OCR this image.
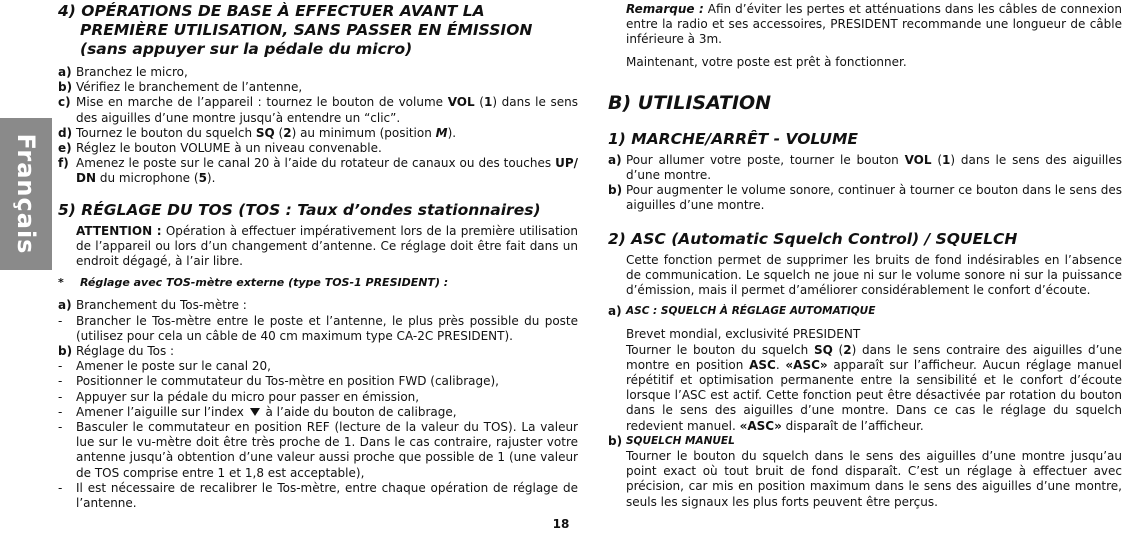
Français

4) OPÉRATIONS DE BASE À EFFECTUER AVANT LA PREMIÈRE UTILISATION, SANS PASSER EN ÉMISSION (sans appuyer sur la pédale du micro)

a) Branchez le micro,
b) Vérifiez le branchement de l’antenne,
c) Mise en marche de l’appareil : tournez le bouton de volume VOL (1) dans le sens des aiguilles d’une montre jusqu’à entendre un “clic”.
d) Tournez le bouton du squelch SQ (2) au minimum (position M).
e) Réglez le bouton VOLUME à un niveau convenable.
f) Amenez le poste sur le canal 20 à l’aide du rotateur de canaux ou des touches UP/ DN du microphone (5).

5) RÉGLAGE DU TOS (TOS : Taux d’ondes stationnaires)

ATTENTION : Opération à effectuer impérativement lors de la première utilisation de l’appareil ou lors d’un changement d’antenne. Ce réglage doit être fait dans un endroit dégagé, à l’air libre.

*	Réglage avec TOS-mètre externe (type TOS-1 PRESIDENT) :
a) Branchement du Tos-mètre :
-	Brancher le Tos-mètre entre le poste et l’antenne, le plus près possible du poste (utilisez pour cela un câble de 40 cm maximum type CA-2C PRESIDENT).
b) Réglage du Tos :
-	Amener le poste sur le canal 20,
-	Positionner le commutateur du Tos-mètre en position FWD (calibrage),
-	Appuyer sur la pédale du micro pour passer en émission,
-	Amener l’aiguille sur l’index  à l’aide du bouton de calibrage,
-	Basculer le commutateur en position REF (lecture de la valeur du TOS). La valeur lue sur le vu-mètre doit être très proche de 1. Dans le cas contraire, rajuster votre antenne jusqu’à obtention d’une valeur aussi proche que possible de 1 (une valeur de TOS comprise entre 1 et 1,8 est acceptable),
-	Il est nécessaire de recalibrer le Tos-mètre, entre chaque opération de réglage de l’antenne.

Remarque : Afin d’éviter les pertes et atténuations dans les câbles de connexion entre la radio et ses accessoires, PRESIDENT recommande une longueur de câble inférieure à 3m.

Maintenant, votre poste est prêt à fonctionner.

B) UTILISATION

1) MARCHE/ARRÊT - VOLUME

a) Pour allumer votre poste, tourner le bouton VOL (1) dans le sens des aiguilles d’une montre.
b) Pour augmenter le volume sonore, continuer à tourner ce bouton dans le sens des aiguilles d’une montre.

2) ASC (Automatic Squelch Control) / SQUELCH

Cette fonction permet de supprimer les bruits de fond indésirables en l’absence de communication. Le squelch ne joue ni sur le volume sonore ni sur la puissance d’émission, mais il permet d’améliorer considérablement le confort d’écoute.

a) ASC : SQUELCH À RÉGLAGE AUTOMATIQUE

Brevet mondial, exclusivité PRESIDENT

Tourner le bouton du squelch SQ (2) dans le sens contraire des aiguilles d’une montre en position ASC. «ASC» apparaît sur l’afficheur. Aucun réglage manuel répétitif et optimisation permanente entre la sensibilité et le confort d’écoute lorsque l’ASC est actif. Cette fonction peut être désactivée par rotation du bouton dans le sens des aiguilles d’une montre. Dans ce cas le réglage du squelch redevient manuel. «ASC» disparaît de l’afficheur.

b) SQUELCH MANUEL

Tourner le bouton du squelch dans le sens des aiguilles d’une montre jusqu’au point exact où tout bruit de fond disparaît. C’est un réglage à effectuer avec précision, car mis en position maximum dans le sens des aiguilles d’une montre, seuls les signaux les plus forts peuvent être perçus.

18
